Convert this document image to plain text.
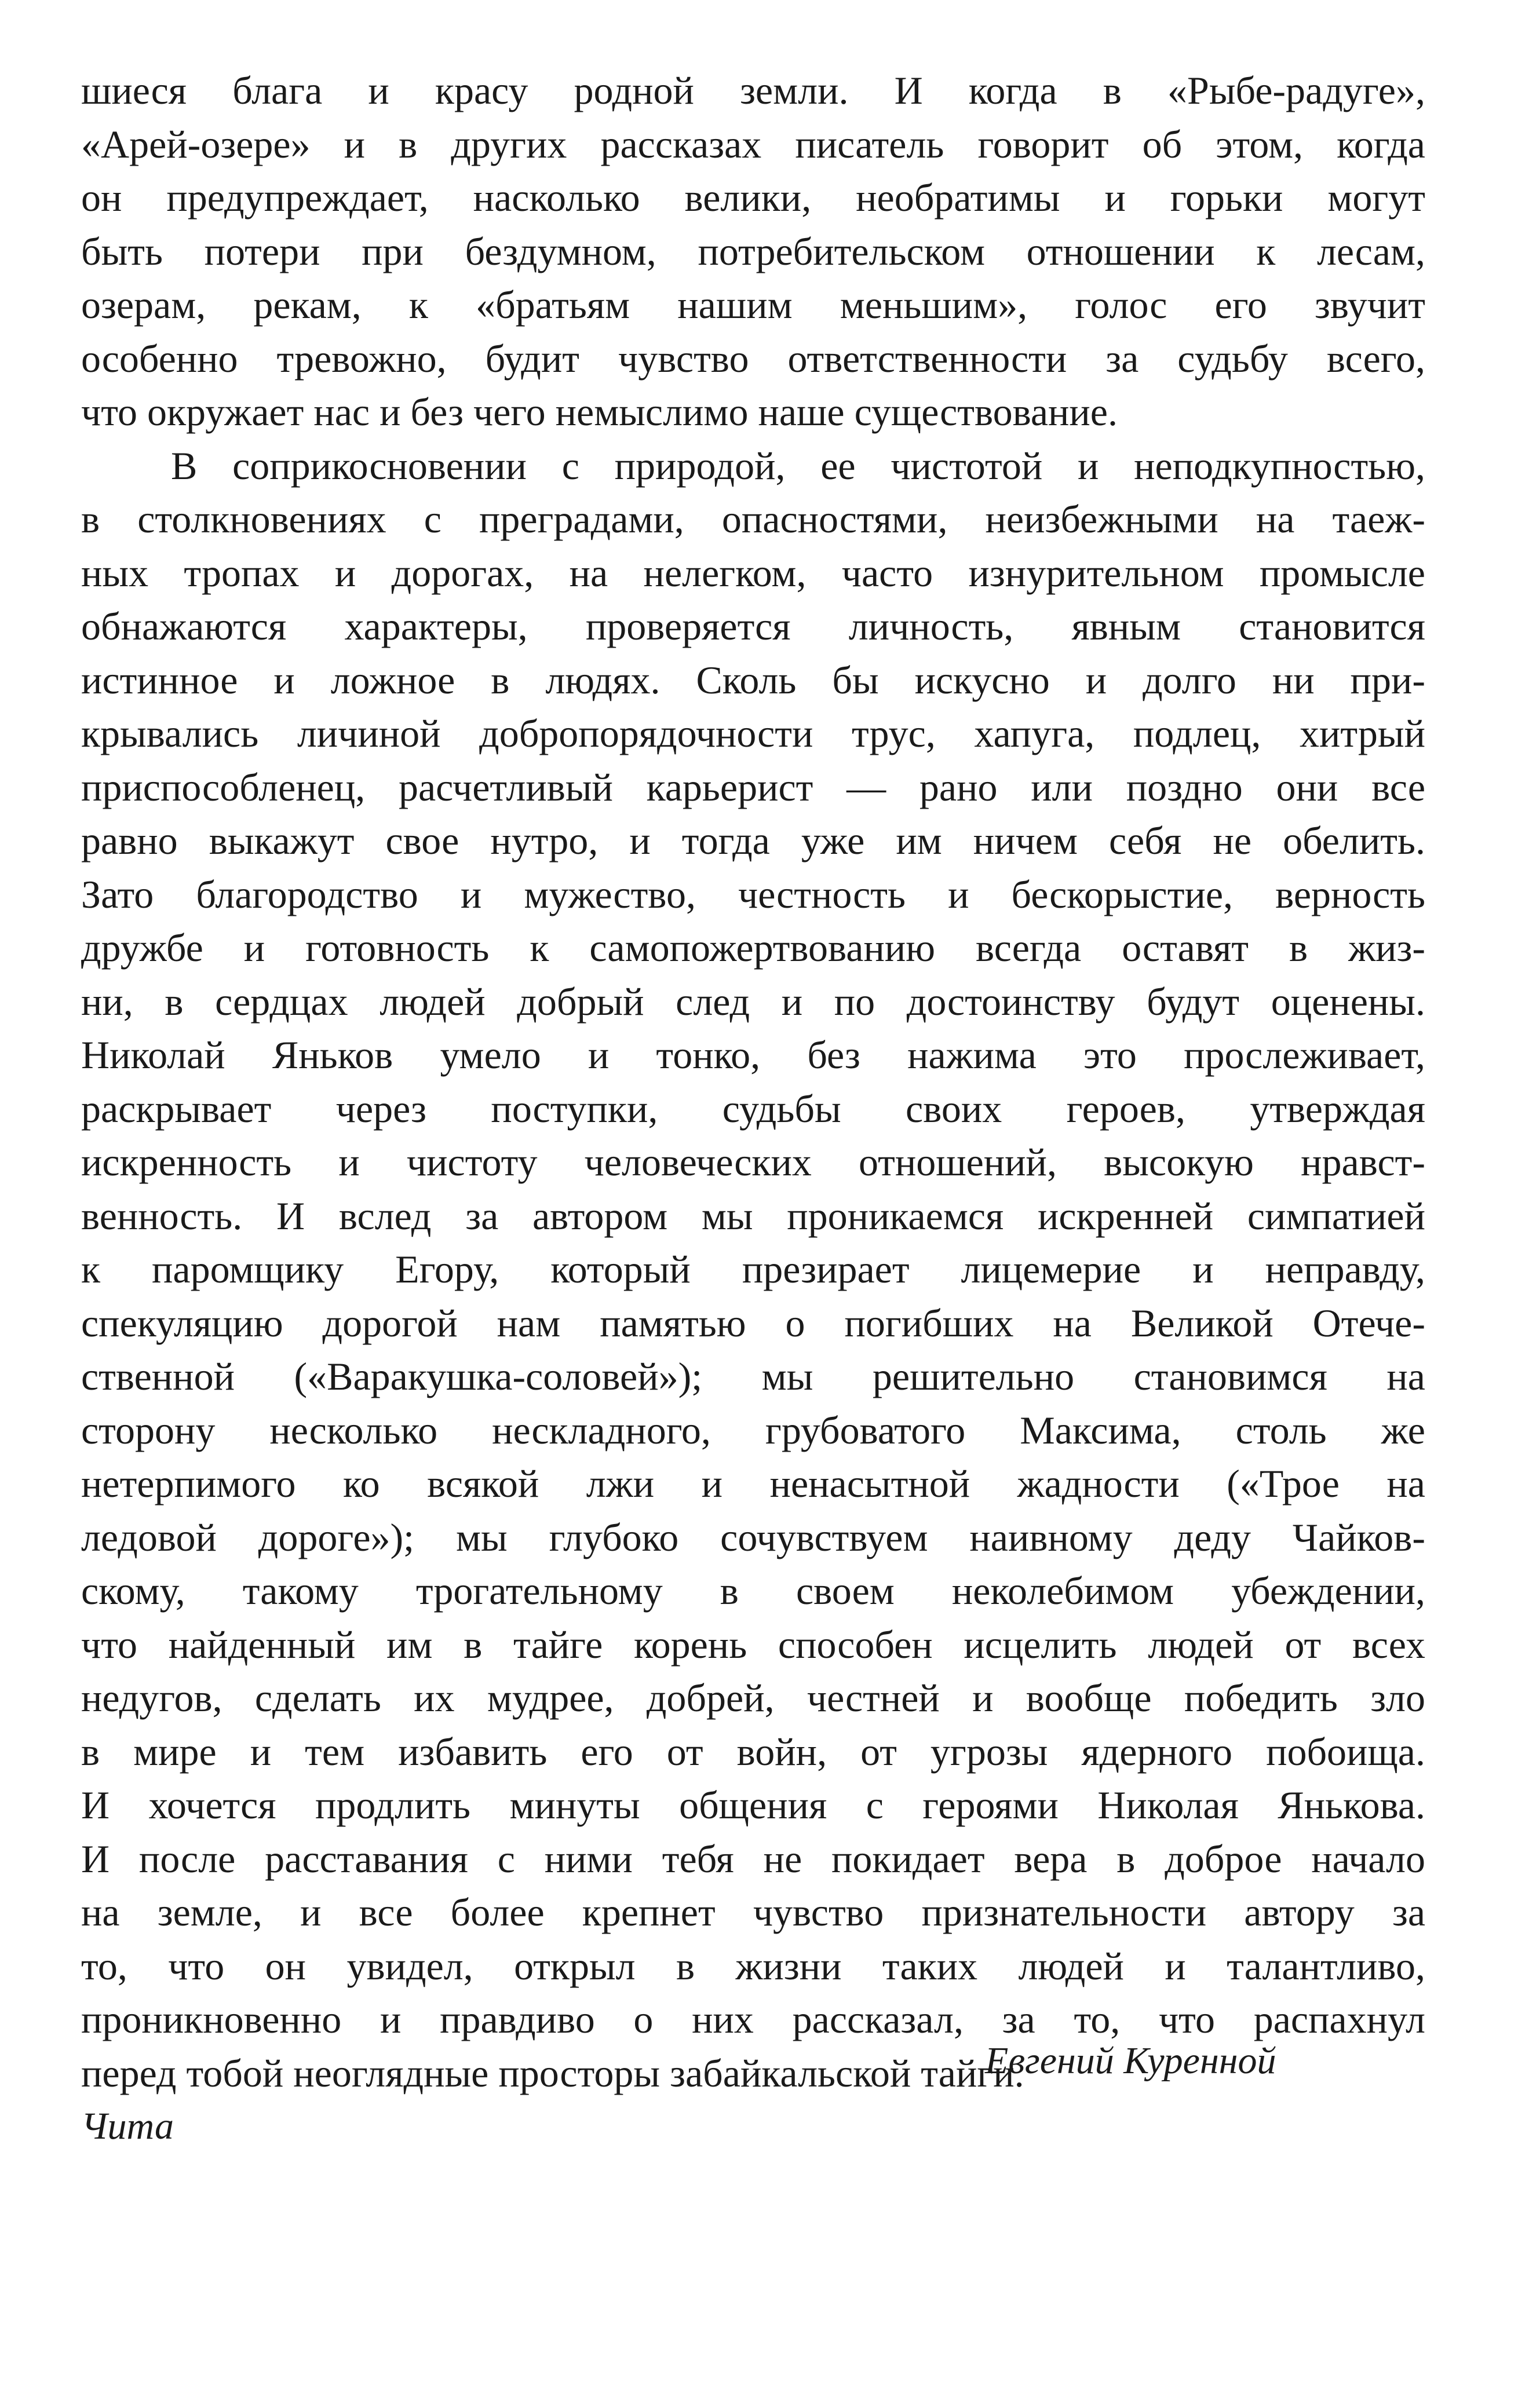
шиеся блага и красу родной земли. И когда в «Рыбе-радуге»,
«Арей-озере» и в других рассказах писатель говорит об этом, когда
он предупреждает, насколько велики, необратимы и горьки могут
быть потери при бездумном, потребительском отношении к лесам,
озерам, рекам, к «братьям нашим меньшим», голос его звучит
особенно тревожно, будит чувство ответственности за судьбу всего,
что окружает нас и без чего немыслимо наше существование.
В соприкосновении с природой, ее чистотой и неподкупностью,
в столкновениях с преградами, опасностями, неизбежными на таеж-
ных тропах и дорогах, на нелегком, часто изнурительном промысле
обнажаются характеры, проверяется личность, явным становится
истинное и ложное в людях. Сколь бы искусно и долго ни при-
крывались личиной добропорядочности трус, хапуга, подлец, хитрый
приспособленец, расчетливый карьерист — рано или поздно они все
равно выкажут свое нутро, и тогда уже им ничем себя не обелить.
Зато благородство и мужество, честность и бескорыстие, верность
дружбе и готовность к самопожертвованию всегда оставят в жиз-
ни, в сердцах людей добрый след и по достоинству будут оценены.
Николай Яньков умело и тонко, без нажима это прослеживает,
раскрывает через поступки, судьбы своих героев, утверждая
искренность и чистоту человеческих отношений, высокую нравст-
венность. И вслед за автором мы проникаемся искренней симпатией
к паромщику Егору, который презирает лицемерие и неправду,
спекуляцию дорогой нам памятью о погибших на Великой Отече-
ственной («Варакушка-соловей»); мы решительно становимся на
сторону несколько нескладного, грубоватого Максима, столь же
нетерпимого ко всякой лжи и ненасытной жадности («Трое на
ледовой дороге»); мы глубоко сочувствуем наивному деду Чайков-
скому, такому трогательному в своем неколебимом убеждении,
что найденный им в тайге корень способен исцелить людей от всех
недугов, сделать их мудрее, добрей, честней и вообще победить зло
в мире и тем избавить его от войн, от угрозы ядерного побоища.
И хочется продлить минуты общения с героями Николая Янькова.
И после расставания с ними тебя не покидает вера в доброе начало
на земле, и все более крепнет чувство признательности автору за
то, что он увидел, открыл в жизни таких людей и талантливо,
проникновенно и правдиво о них рассказал, за то, что распахнул
перед тобой неоглядные просторы забайкальской тайги.
Чита
Евгений Куренной
